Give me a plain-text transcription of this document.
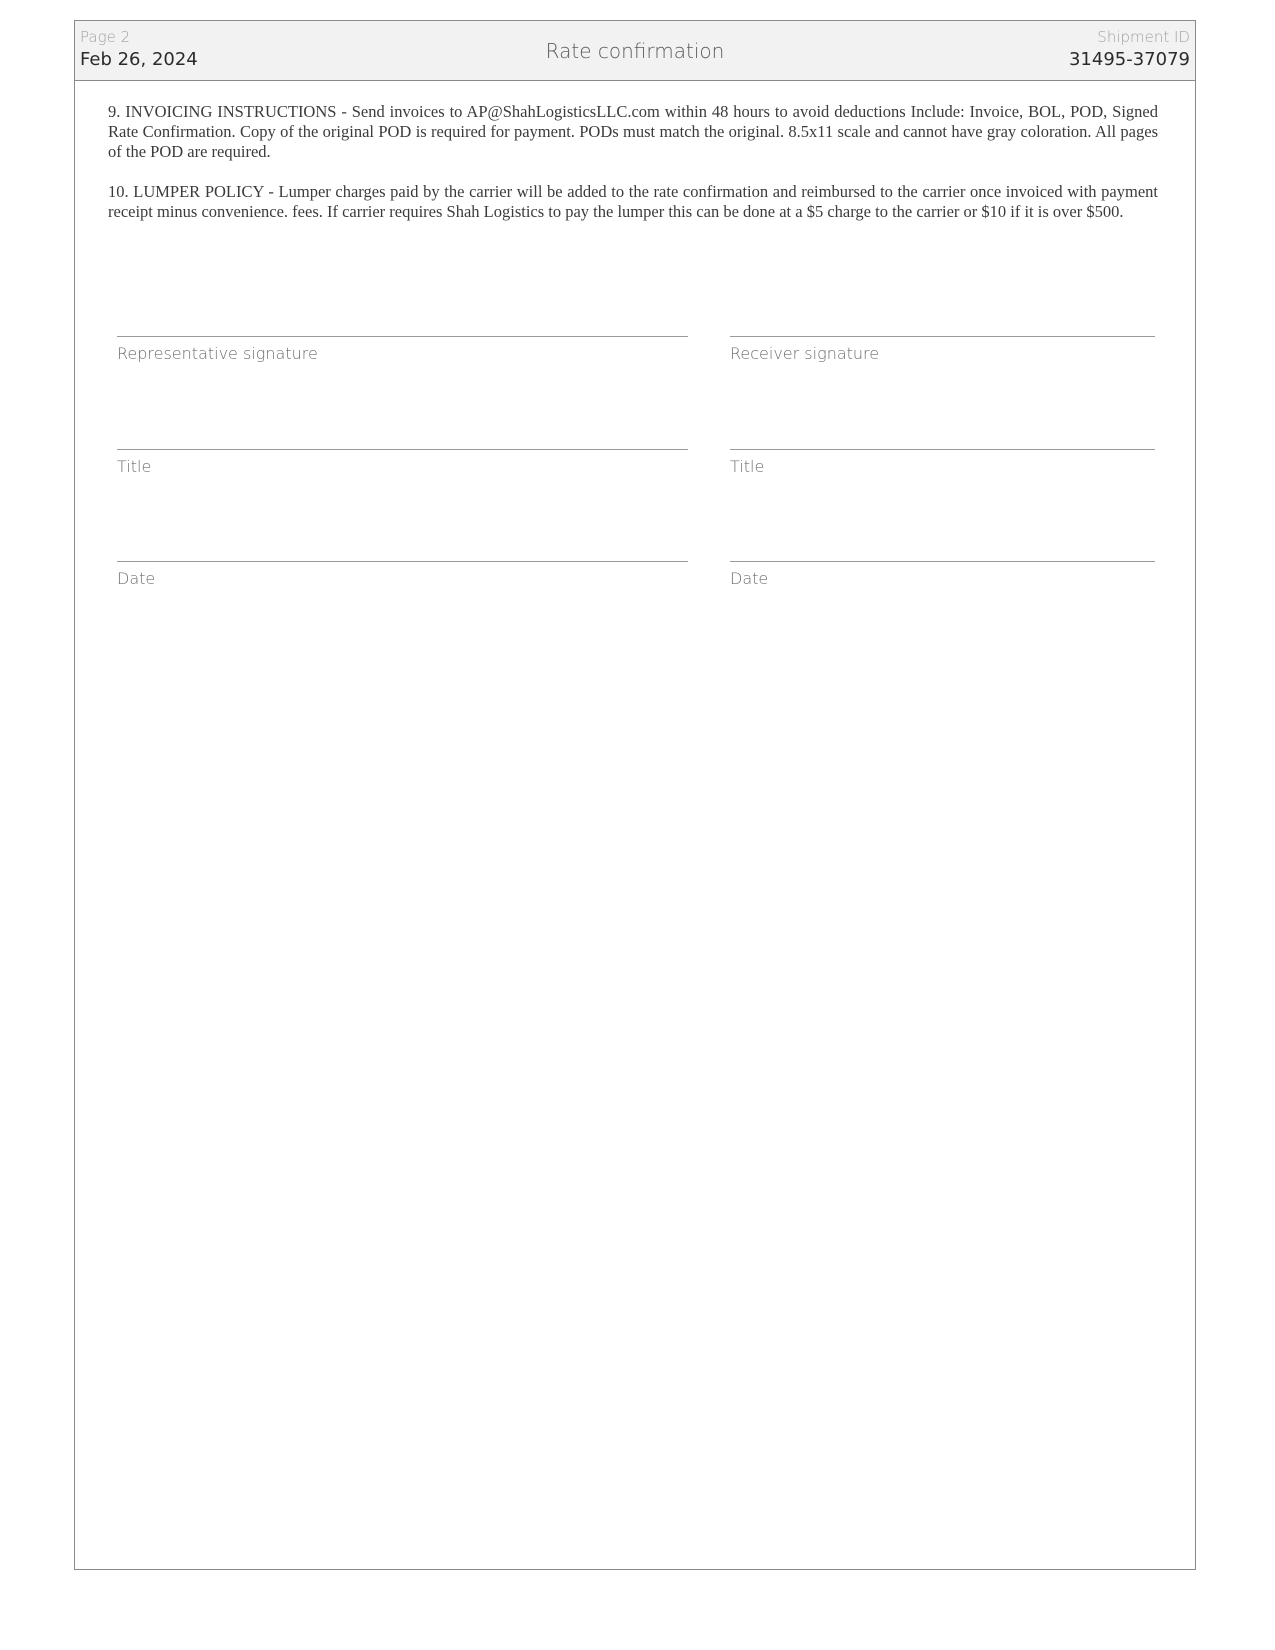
Page 2
Feb 26, 2024	Rate confirmation
Shipment ID
31495-37079

9. INVOICING INSTRUCTIONS - Send invoices to AP@ShahLogisticsLLC.com within 48 hours to avoid deductions Include: Invoice, BOL, POD, Signed Rate Confirmation. Copy of the original POD is required for payment. PODs must match the original. 8.5x11 scale and cannot have gray coloration. All pages of the POD are required.

10. LUMPER POLICY - Lumper charges paid by the carrier will be added to the rate confirmation and reimbursed to the carrier once invoiced with payment receipt minus convenience. fees. If carrier requires Shah Logistics to pay the lumper this can be done at a $5 charge to the carrier or $10 if it is over $500.

Representative signature	Receiver signature
Title	Title
Date	Date
